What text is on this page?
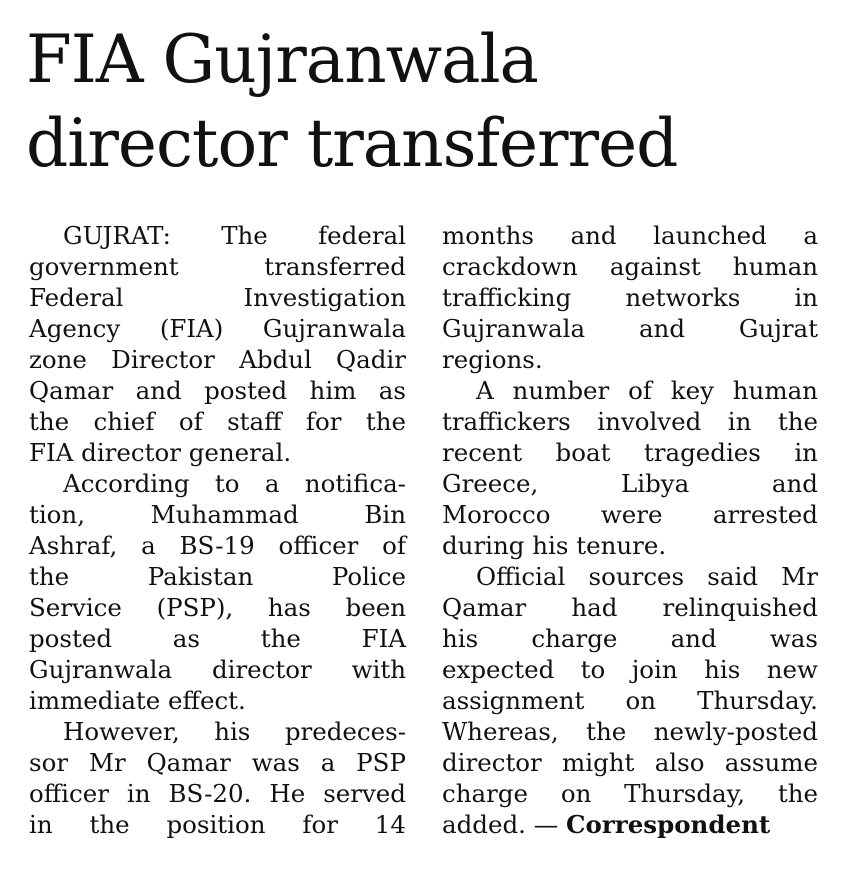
FIA Gujranwala
director transferred
GUJRAT: The federal
government	transferred
Federal	Investigation
Agency (FIA) Gujranwala
zone Director Abdul Qadir
Qamar and posted him as
the chief of staff for the
FIA director general.
According to a notifica-
tion,	Muhammad	Bin
Ashraf, a BS-19 officer of
the	Pakistan	Police
Service (PSP), has been
posted as the FIA
Gujranwala director with
immediate effect.
However, his predeces-
sor Mr Qamar was a PSP
officer in BS-20. He served
in the position for 14
months and launched a
crackdown against human
trafficking networks in
Gujranwala and Gujrat
regions.
A number of key human
traffickers involved in the
recent boat tragedies in
Greece,	Libya	and
Morocco were arrested
during his tenure.
Official sources said Mr
Qamar had relinquished
his charge and was
expected to join his new
assignment on Thursday.
Whereas, the newly-posted
director might also assume
charge on Thursday, the
added. — Correspondent
